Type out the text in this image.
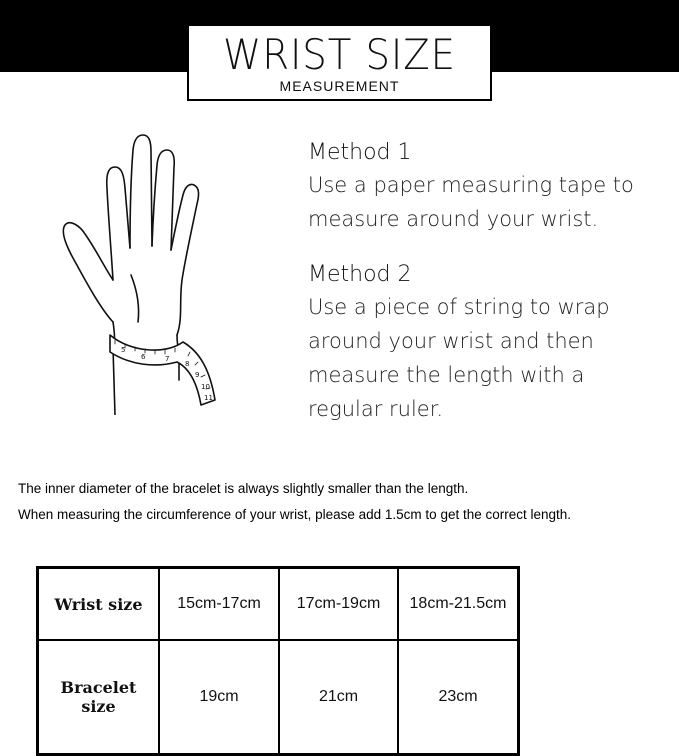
WRIST SIZE
MEASUREMENT
5
6	7
8
9
10
11
Method 1
Use a paper measuring tape to
measure around your wrist.
Method 2
Use a piece of string to wrap
around your wrist and then
measure the length with a
regular ruler.
The inner diameter of the bracelet is always slightly smaller than the length.
When measuring the circumference of your wrist, please add 1.5cm to get the correct length.
Wrist size	15cm-17cm	17cm-19cm	18cm-21.5cm
Bracelet
size	19cm	21cm	23cm
